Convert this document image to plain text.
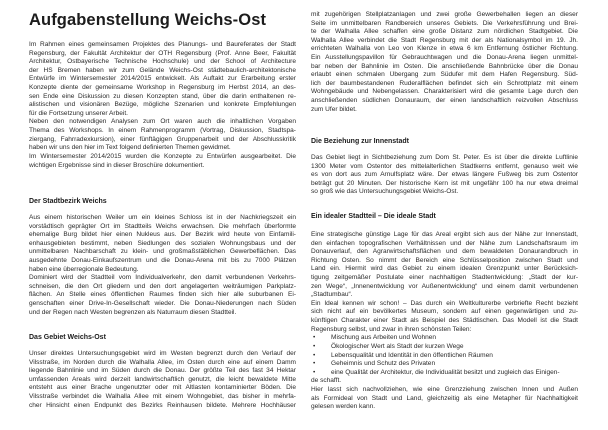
Aufgabenstellung Weichs-Ost
Im Rahmen eines gemeinsamen Projektes des Planungs- und Baureferates der Stadt
Regensburg, der Fakultät Architektur der OTH Regensburg (Prof. Anne Beer, Fakultät
Architektur, Ostbayerische Technische Hochschule) und der School of Architecture
der HS Bremen haben wir zum Gelände Weichs-Ost städtebaulich-architektonische
Entwürfe im Wintersemester 2014/2015 entwickelt. Als Auftakt zur Erarbeitung erster
Konzepte diente der gemeinsame Workshop in Regensburg im Herbst 2014, an des-
sen Ende eine Diskussion zu diesen Konzepten stand, über die darin enthaltenen re-
alistischen und visionären Bezüge, mögliche Szenarien und konkrete Empfehlungen
für die Fortsetzung unserer Arbeit.
Neben den notwendigen Analysen zum Ort waren auch die inhaltlichen Vorgaben
Thema des Workshops. In einem Rahmenprogramm (Vortrag, Diskussion, Stadtspa-
ziergang, Fahrradexkursion), einer fünftägigen Gruppenarbeit und der Abschlusskritik
haben wir uns den hier im Text folgend definierten Themen gewidmet.
Im Wintersemester 2014/2015 wurden die Konzepte zu Entwürfen ausgearbeitet. Die
wichtigen Ergebnisse sind in dieser Broschüre dokumentiert.
Der Stadtbezirk Weichs
Aus einem historischen Weiler um ein kleines Schloss ist in der Nachkriegszeit ein
vorstädtisch geprägter Ort im Stadtteils Weichs erwachsen. Die mehrfach überformte
ehemalige Burg bildet hier einen Nukleus aus. Der Bezirk wird heute von Einfamili-
enhausgebieten bestimmt, neben Siedlungen des sozialen Wohnungsbaus und der
unmittelbaren Nachbarschaft zu klein- und großmaßstäblichen Gewerbeflächen. Das
ausgedehnte Donau-Einkaufszentrum und die Donau-Arena mit bis zu 7000 Plätzen
haben eine überregionale Bedeutung.
Dominiert wird der Stadtteil vom Individualverkehr, den damit verbundenen Verkehrs-
schneisen, die den Ort gliedern und den dort angelagerten weiträumigen Parkplatz-
flächen. An Stelle eines öffentlichen Raumes finden sich hier alle suburbanen Ei-
genschaften einer Drive-In-Gesellschaft wieder. Die Donau-Niederungen nach Süden
und der Regen nach Westen begrenzen als Naturraum diesen Stadtteil.
Das Gebiet Weichs-Ost
Unser direktes Untersuchungsgebiet wird im Westen begrenzt durch den Verlauf der
Vilsstraße, im Norden durch die Walhalla Allee, im Osten durch eine auf einem Damm
liegende Bahnlinie und im Süden durch die Donau. Der größte Teil des fast 34 Hektar
umfassenden Areals wird derzeit landwirtschaftlich genutzt, die leicht bewaldete Mitte
entsteht aus einer Brache ungenutzter oder mit Altlasten kontaminierter Böden. Die
Vilsstraße verbindet die Walhalla Allee mit einem Wohngebiet, das bisher in mehrfa-
cher Hinsicht einen Endpunkt des Bezirks Reinhausen bildete. Mehrere Hochhäuser
mit zugehörigen Stellplatzanlagen und zwei große Gewerbehallen liegen an dieser
Seite im unmittelbaren Randbereich unseres Gebiets. Die Verkehrsführung und Brei-
te der Walhalla Allee schaffen eine große Distanz zum nördlichen Stadtgebiet. Die
Walhalla Allee verbindet die Stadt Regensburg mit der als Nationalsymbol im 19. Jh.
errichteten Walhalla von Leo von Klenze in etwa 6 km Entfernung östlicher Richtung.
Ein Ausstellungspavillon für Gebrauchtwagen und die Donau-Arena liegen unmittel-
bar neben der Bahnlinie im Osten. Die anschließende Bahnbrücke über die Donau
erlaubt einen schmalen Übergang zum Südufer mit dem Hafen Regensburg. Süd-
lich der baumbestandenen Ruderalflächen befindet sich ein Schrottplatz mit einem
Wohngebäude und Nebengelassen. Charakterisiert wird die gesamte Lage durch den
anschließenden südlichen Donauraum, der einen landschaftlich reizvollen Abschluss
zum Ufer bildet.
Die Beziehung zur Innenstadt
Das Gebiet liegt in Sichtbeziehung zum Dom St. Peter. Es ist über die direkte Luftlinie
1300 Meter vom Ostentor des mittelalterlichen Stadtkerns entfernt, genauso weit wie
es von dort aus zum Arnulfsplatz wäre. Der etwas längere Fußweg bis zum Ostentor
beträgt gut 20 Minuten. Der historische Kern ist mit ungefähr 100 ha nur etwa dreimal
so groß wie das Untersuchungsgebiet Weichs-Ost.
Ein idealer Stadtteil – Die ideale Stadt
Eine strategische günstige Lage für das Areal ergibt sich aus der Nähe zur Innenstadt,
den einfachen topografischen Verhältnissen und der Nähe zum Landschaftsraum im
Donauverlauf, den Agrarwirtschaftsflächen und dem bewaldeten Donaurandbruch in
Richtung Osten. So nimmt der Bereich eine Schlüsselposition zwischen Stadt und
Land ein. Hiermit wird das Gebiet zu einem idealen Grenzpunkt unter Berücksich-
tigung zeitgemäßer Postulate einer nachhaltigen Stadtentwicklung: „Stadt der kur-
zen Wege“, „Innenentwicklung vor Außenentwicklung“ und einem damit verbundenen
„Stadtumbau“.
Ein Ideal kennen wir schon! – Das durch ein Weltkulturerbe verbriefte Recht bezieht
sich nicht auf ein bevölkertes Museum, sondern auf einen gegenwärtigen und zu-
künftigen Charakter einer Stadt als Beispiel des Städtischen. Das Modell ist die Stadt
Regensburg selbst, und zwar in ihren schönsten Teilen:
• Mischung aus Arbeiten und Wohnen
• Ökologischer Wert als Stadt der kurzen Wege
• Lebensqualität und Identität in den öffentlichen Räumen
• Geheimnis und Schutz des Privaten
• eine Qualität der Architektur, die Individualität besitzt und zugleich das Einigen-
de schafft.
Hier lasst sich nachvollziehen, wie eine Grenzziehung zwischen Innen und Außen
als Formideal von Stadt und Land, gleichzeitig als eine Metapher für Nachhaltigkeit
gelesen werden kann.
